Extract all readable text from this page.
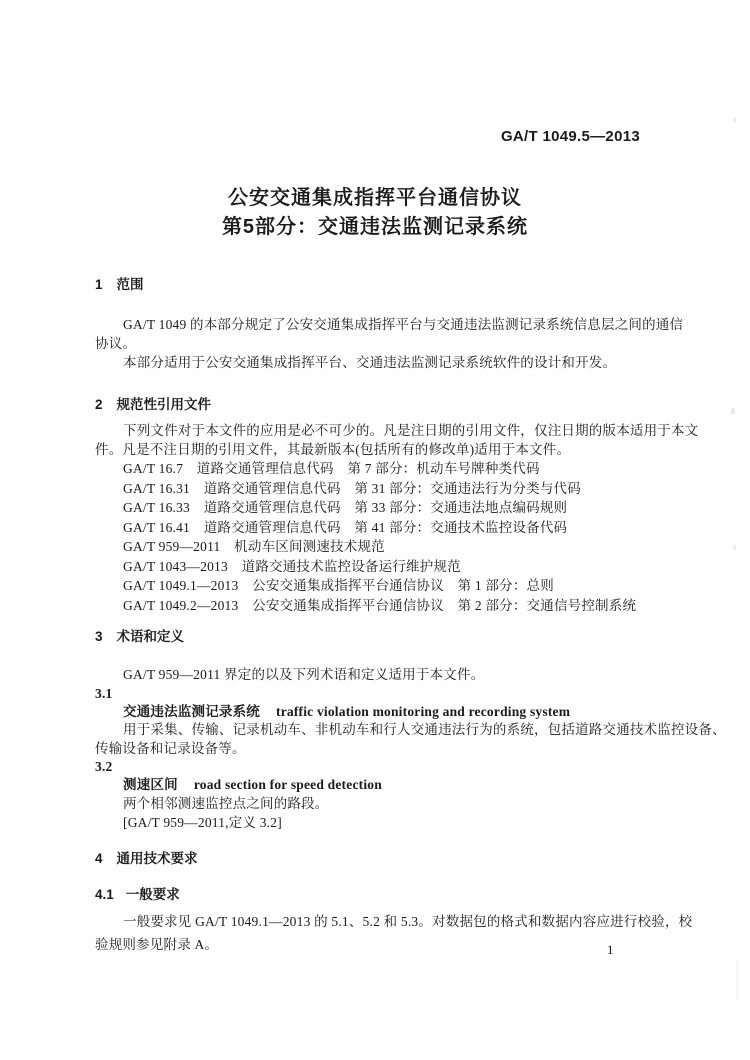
GA/T 1049.5—2013
公安交通集成指挥平台通信协议
第5部分：交通违法监测记录系统
1 范围
GA/T 1049 的本部分规定了公安交通集成指挥平台与交通违法监测记录系统信息层之间的通信
协议。
本部分适用于公安交通集成指挥平台、交通违法监测记录系统软件的设计和开发。
2 规范性引用文件
下列文件对于本文件的应用是必不可少的。凡是注日期的引用文件，仅注日期的版本适用于本文
件。凡是不注日期的引用文件，其最新版本(包括所有的修改单)适用于本文件。
GA/T 16.7　道路交通管理信息代码　第 7 部分：机动车号牌种类代码
GA/T 16.31　道路交通管理信息代码　第 31 部分：交通违法行为分类与代码
GA/T 16.33　道路交通管理信息代码　第 33 部分：交通违法地点编码规则
GA/T 16.41　道路交通管理信息代码　第 41 部分：交通技术监控设备代码
GA/T 959—2011　机动车区间测速技术规范
GA/T 1043—2013　道路交通技术监控设备运行维护规范
GA/T 1049.1—2013　公安交通集成指挥平台通信协议　第 1 部分：总则
GA/T 1049.2—2013　公安交通集成指挥平台通信协议　第 2 部分：交通信号控制系统
3 术语和定义
GA/T 959—2011 界定的以及下列术语和定义适用于本文件。
3.1
交通违法监测记录系统 traffic violation monitoring and recording system
用于采集、传输、记录机动车、非机动车和行人交通违法行为的系统，包括道路交通技术监控设备、
传输设备和记录设备等。
3.2
测速区间 road section for speed detection
两个相邻测速监控点之间的路段。
[GA/T 959—2011,定义 3.2]
4 通用技术要求
4.1 一般要求
一般要求见 GA/T 1049.1—2013 的 5.1、5.2 和 5.3。对数据包的格式和数据内容应进行校验，校
验规则参见附录 A。	1
